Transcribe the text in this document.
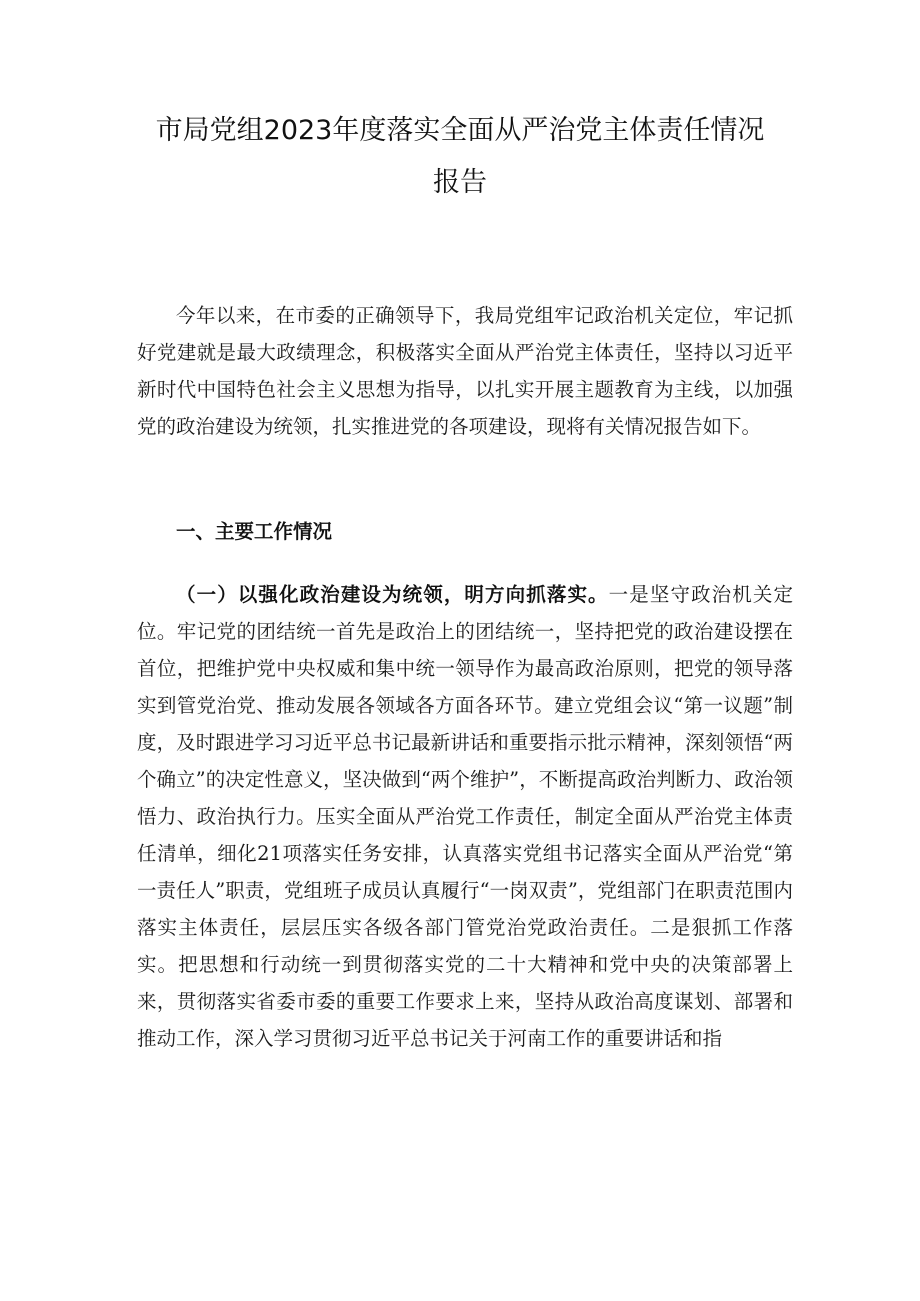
市局党组2023年度落实全面从严治党主体责任情况
报告

今年以来，在市委的正确领导下，我局党组牢记政治机关定位，牢记抓好党建就是最大政绩理念，积极落实全面从严治党主体责任，坚持以习近平新时代中国特色社会主义思想为指导，以扎实开展主题教育为主线，以加强党的政治建设为统领，扎实推进党的各项建设，现将有关情况报告如下。

一、主要工作情况

（一）以强化政治建设为统领，明方向抓落实。一是坚守政治机关定位。牢记党的团结统一首先是政治上的团结统一，坚持把党的政治建设摆在首位，把维护党中央权威和集中统一领导作为最高政治原则，把党的领导落实到管党治党、推动发展各领域各方面各环节。建立党组会议“第一议题”制度，及时跟进学习习近平总书记最新讲话和重要指示批示精神，深刻领悟“两个确立”的决定性意义，坚决做到“两个维护”，不断提高政治判断力、政治领悟力、政治执行力。压实全面从严治党工作责任，制定全面从严治党主体责任清单，细化21项落实任务安排，认真落实党组书记落实全面从严治党“第一责任人”职责，党组班子成员认真履行“一岗双责”，党组部门在职责范围内落实主体责任，层层压实各级各部门管党治党政治责任。二是狠抓工作落实。把思想和行动统一到贯彻落实党的二十大精神和党中央的决策部署上来，贯彻落实省委市委的重要工作要求上来，坚持从政治高度谋划、部署和推动工作，深入学习贯彻习近平总书记关于河南工作的重要讲话和指
